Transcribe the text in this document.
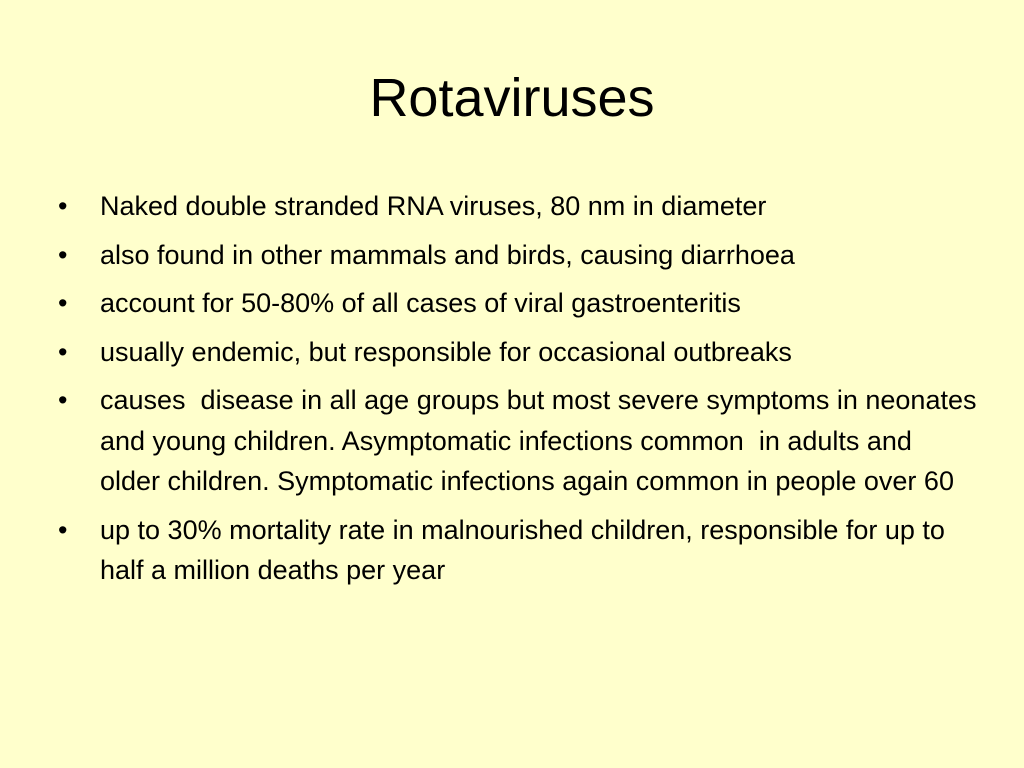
Rotaviruses
•	Naked double stranded RNA viruses, 80 nm in diameter
•	also found in other mammals and birds, causing diarrhoea
•	account for 50-80% of all cases of viral gastroenteritis
•	usually endemic, but responsible for occasional outbreaks
•	causes  disease in all age groups but most severe symptoms in neonates  and young children. Asymptomatic infections common  in adults and older children. Symptomatic infections again common in people over 60
•	up to 30% mortality rate in malnourished children, responsible for up to half a million deaths per year
